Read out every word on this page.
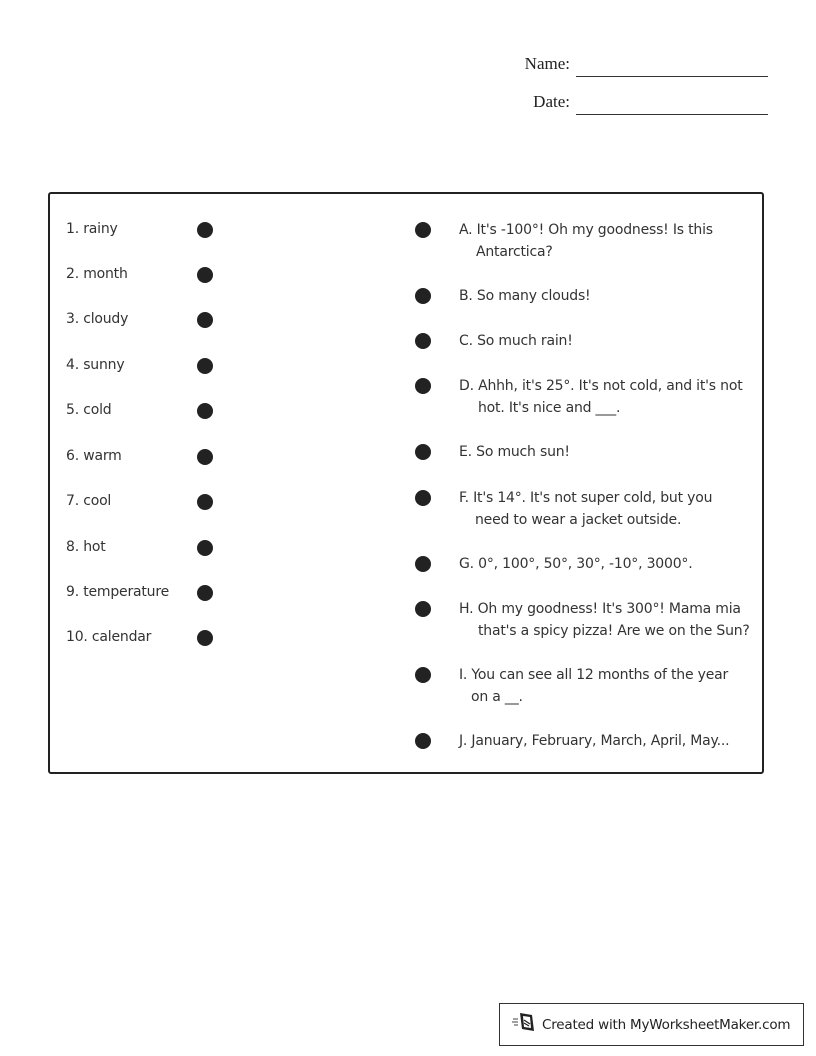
Name:
Date:
1. rainy
2. month
3. cloudy
4. sunny
5. cold
6. warm
7. cool
8. hot
9. temperature
10. calendar
A. It's -100°! Oh my goodness! Is this
Antarctica?
B. So many clouds!
C. So much rain!
D. Ahhh, it's 25°. It's not cold, and it's not
hot. It's nice and ___.
E. So much sun!
F. It's 14°. It's not super cold, but you
need to wear a jacket outside.
G. 0°, 100°, 50°, 30°, -10°, 3000°.
H. Oh my goodness! It's 300°! Mama mia
that's a spicy pizza! Are we on the Sun?
I. You can see all 12 months of the year
on a __.
J. January, February, March, April, May...
Created with MyWorksheetMaker.com
